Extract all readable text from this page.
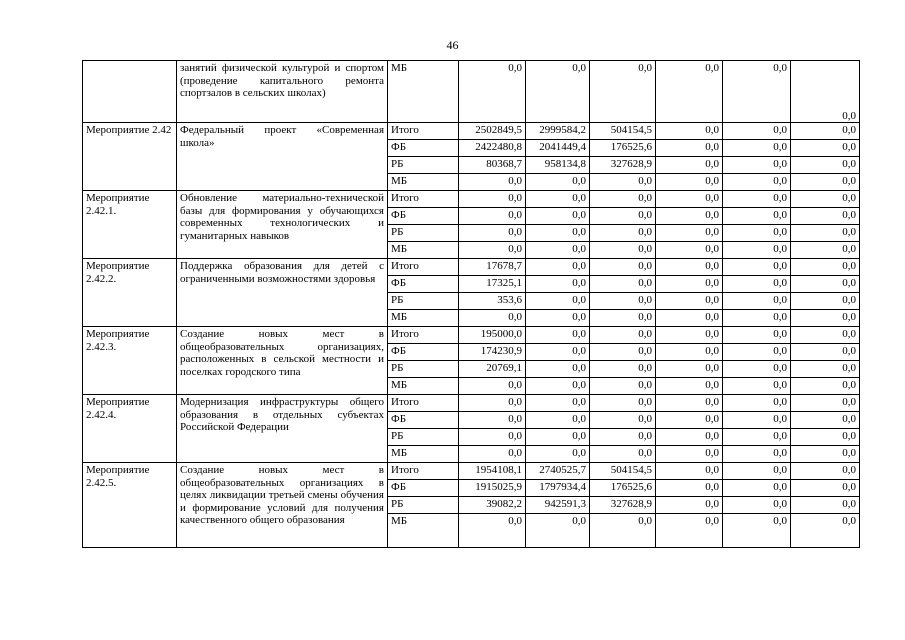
46
	занятий физической культурой и спортом (проведение капитального ремонта спортзалов в сельских школах)	МБ	0,0	0,0	0,0	0,0	0,0	0,0
Мероприятие 2.42	Федеральный проект «Современная школа»	Итого	2502849,5	2999584,2	504154,5	0,0	0,0	0,0
		ФБ	2422480,8	2041449,4	176525,6	0,0	0,0	0,0
		РБ	80368,7	958134,8	327628,9	0,0	0,0	0,0
		МБ	0,0	0,0	0,0	0,0	0,0	0,0
Мероприятие 2.42.1.	Обновление материально-технической базы для формирования у обучающихся современных технологических и гуманитарных навыков	Итого	0,0	0,0	0,0	0,0	0,0	0,0
		ФБ	0,0	0,0	0,0	0,0	0,0	0,0
		РБ	0,0	0,0	0,0	0,0	0,0	0,0
		МБ	0,0	0,0	0,0	0,0	0,0	0,0
Мероприятие 2.42.2.	Поддержка образования для детей с ограниченными возможностями здоровья	Итого	17678,7	0,0	0,0	0,0	0,0	0,0
		ФБ	17325,1	0,0	0,0	0,0	0,0	0,0
		РБ	353,6	0,0	0,0	0,0	0,0	0,0
		МБ	0,0	0,0	0,0	0,0	0,0	0,0
Мероприятие 2.42.3.	Создание новых мест в общеобразовательных организациях, расположенных в сельской местности и поселках городского типа	Итого	195000,0	0,0	0,0	0,0	0,0	0,0
		ФБ	174230,9	0,0	0,0	0,0	0,0	0,0
		РБ	20769,1	0,0	0,0	0,0	0,0	0,0
		МБ	0,0	0,0	0,0	0,0	0,0	0,0
Мероприятие 2.42.4.	Модернизация инфраструктуры общего образования в отдельных субъектах Российской Федерации	Итого	0,0	0,0	0,0	0,0	0,0	0,0
		ФБ	0,0	0,0	0,0	0,0	0,0	0,0
		РБ	0,0	0,0	0,0	0,0	0,0	0,0
		МБ	0,0	0,0	0,0	0,0	0,0	0,0
Мероприятие 2.42.5.	Создание новых мест в общеобразовательных организациях в целях ликвидации третьей смены обучения и формирование условий для получения качественного общего образования	Итого	1954108,1	2740525,7	504154,5	0,0	0,0	0,0
		ФБ	1915025,9	1797934,4	176525,6	0,0	0,0	0,0
		РБ	39082,2	942591,3	327628,9	0,0	0,0	0,0
		МБ	0,0	0,0	0,0	0,0	0,0	0,0
